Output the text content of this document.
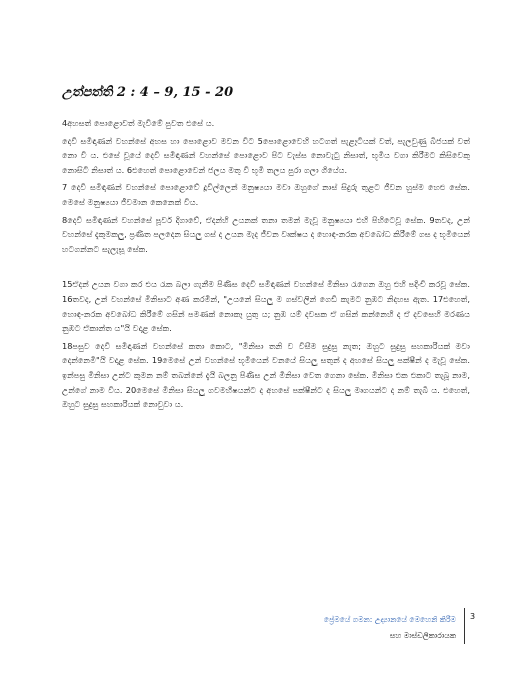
උත්පත්ති 2 : 4 – 9, 15 - 20

4අහසත් පොළොවත් මැවීමේ පුවත එසේ ය.

දෙවි සමිඳාණන් වහන්සේ අහස හා පොළොව මවන විට 5පොළොවෙහි හටගත් පැළෑටියක් වත්, පැලවුණු බිජයක් වත් නො වී ය. එසේ වූයේ දෙවි සමිඳාණන් වහන්සේ පොළොව පිට වැස්ස නොවැටු නිසාත්, භූමිය වගා කිරීමට කිසිවෙකු නොසිටි නිසාත් ය. 6එහෙත් පොළොවෙන් ජලය මතු වී භූමි තලය පුරා ගලා ගියේය.

7 දෙවි සමිඳාණන් වහන්සේ පොළොවේ දූවිල්ලෙන් මනුෂ්‍යයා මවා ඔහුගේ නාස් සිදුරු තුළට ජීවන හුස්ම හෙළු සේක. මෙසේ මනුෂ්‍යයා ජීවමාන කෙනෙක් විය.

8දෙවි සමිඳාණන් වහන්සේ පූර්ව දිගාවේ, ඒදන්හි උයනක් තනා තමන් මැවූ මනුෂ්‍යයා එහි පිහිටෙවූ සේක. 9තවද, උන් වහන්සේ දැකුමකලු, ප්‍රණීත පලදෙන සියලු ගස් ද උයන මැද ජීවන වෘක්ෂය ද හොඳ-නරක අවබෝධ කිරීමේ ගස ද භූමියෙන් හටගන්නට සැලැසූ සේක.

15ඒදන් උයන වගා කර එය රැක බලා ගැනීම පිණිස දෙවි සමිඳාණන් වහන්සේ මිනිසා රැගෙන ඔහු එහි පදිංචි කරවූ සේක. 16තවද, උන් වහන්සේ මිනිසාට අණ කරමින්, "උයනේ සියලු ම ගස්වලින් ගෙඩි කැමට නුඹට නිදහස ඇත. 17එහෙත්, හොඳ-නරක අවබෝධ කිරීමේ ගසින් පමණක් නොකෑ යුතු ය; නුඹ යම් දවසක ඒ ගසින් කන්නෙහි ද ඒ දවසෙහි මරණය නුඹට ඒකාන්ත ය"යි වදාළ සේක.

18පසුව දෙවි සමිඳාණන් වහන්සේ කතා කොට, "මිනිසා තනි ව විසීම සුදුසු නැත; ඔහුට සුදුසු සහකාරියක් මවා දෙන්නෙමි"යි වදාළ සේක. 19මෙසේ උන් වහන්සේ භූමියෙන් වනයේ සියලු සතුන් ද අහසේ සියලු පක්ෂීන් ද මැවූ සේක. ඉන්පසු මිනිසා උන්ට කුමන නම් තබන්නේ දැයි බලනු පිණිස උන් මිනිසා වෙත ගෙනා සේක. මිනිසා එක එකාට තැබූ නාම, උන්ගේ නාම විය. 20මෙසේ මිනිසා සියලු ගවමහීෂයන්ට ද අහසේ පක්ෂීන්ට ද සියලු මෘගයන්ට ද නම් තැබී ය. එහෙත්, ඔහුට සුදුසු සහකාරියක් නොවුවා ය.

ප්‍රේමයේ ගමන: උද්‍යානයේ මෙහෙනි කිරීම
සහ මාස්ඩලිකාරායක
3
